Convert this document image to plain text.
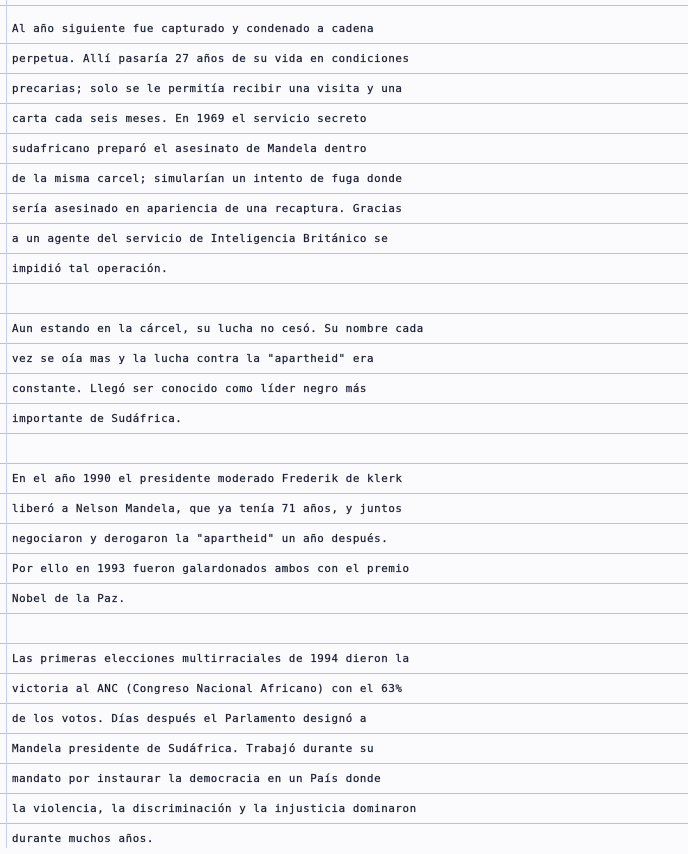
Al año siguiente fue capturado y condenado a cadena
perpetua. Allí pasaría 27 años de su vida en condiciones
precarias; solo se le permitía recibir una visita y una
carta cada seis meses. En 1969 el servicio secreto
sudafricano preparó el asesinato de Mandela dentro
de la misma carcel; simularían un intento de fuga donde
sería asesinado en apariencia de una recaptura. Gracias
a un agente del servicio de Inteligencia Británico se
impidió tal operación.
Aun estando en la cárcel, su lucha no cesó. Su nombre cada
vez se oía mas y la lucha contra la "apartheid" era
constante. Llegó ser conocido como líder negro más
importante de Sudáfrica.
En el año 1990 el presidente moderado Frederik de klerk
liberó a Nelson Mandela, que ya tenía 71 años, y juntos
negociaron y derogaron la "apartheid" un año después.
Por ello en 1993 fueron galardonados ambos con el premio
Nobel de la Paz.
Las primeras elecciones multirraciales de 1994 dieron la
victoria al ANC (Congreso Nacional Africano) con el 63%
de los votos. Días después el Parlamento designó a
Mandela presidente de Sudáfrica. Trabajó durante su
mandato por instaurar la democracia en un País donde
la violencia, la discriminación y la injusticia dominaron
durante muchos años.
